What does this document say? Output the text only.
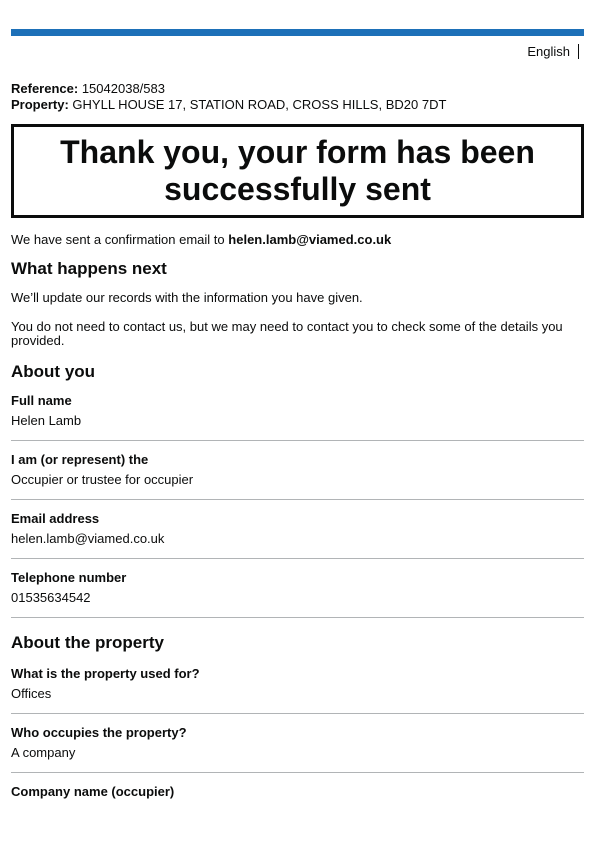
English
Reference: 15042038/583
Property: GHYLL HOUSE 17, STATION ROAD, CROSS HILLS, BD20 7DT
Thank you, your form has been successfully sent

We have sent a confirmation email to helen.lamb@viamed.co.uk

What happens next

We’ll update our records with the information you have given.

You do not need to contact us, but we may need to contact you to check some of the details you provided.

About you
Full name
Helen Lamb
I am (or represent) the
Occupier or trustee for occupier
Email address
helen.lamb@viamed.co.uk
Telephone number
01535634542
About the property
What is the property used for?
Offices
Who occupies the property?
A company
Company name (occupier)
